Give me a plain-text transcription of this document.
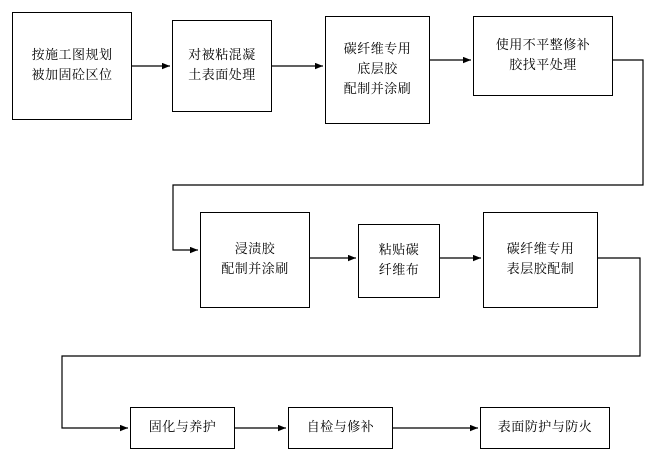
按施工图规划
被加固砼区位
对被粘混凝
土表面处理
碳纤维专用
底层胶
配制并涂刷
使用不平整修补
胶找平处理
浸渍胶
配制并涂刷
粘贴碳
纤维布
碳纤维专用
表层胶配制
固化与养护	自检与修补	表面防护与防火
